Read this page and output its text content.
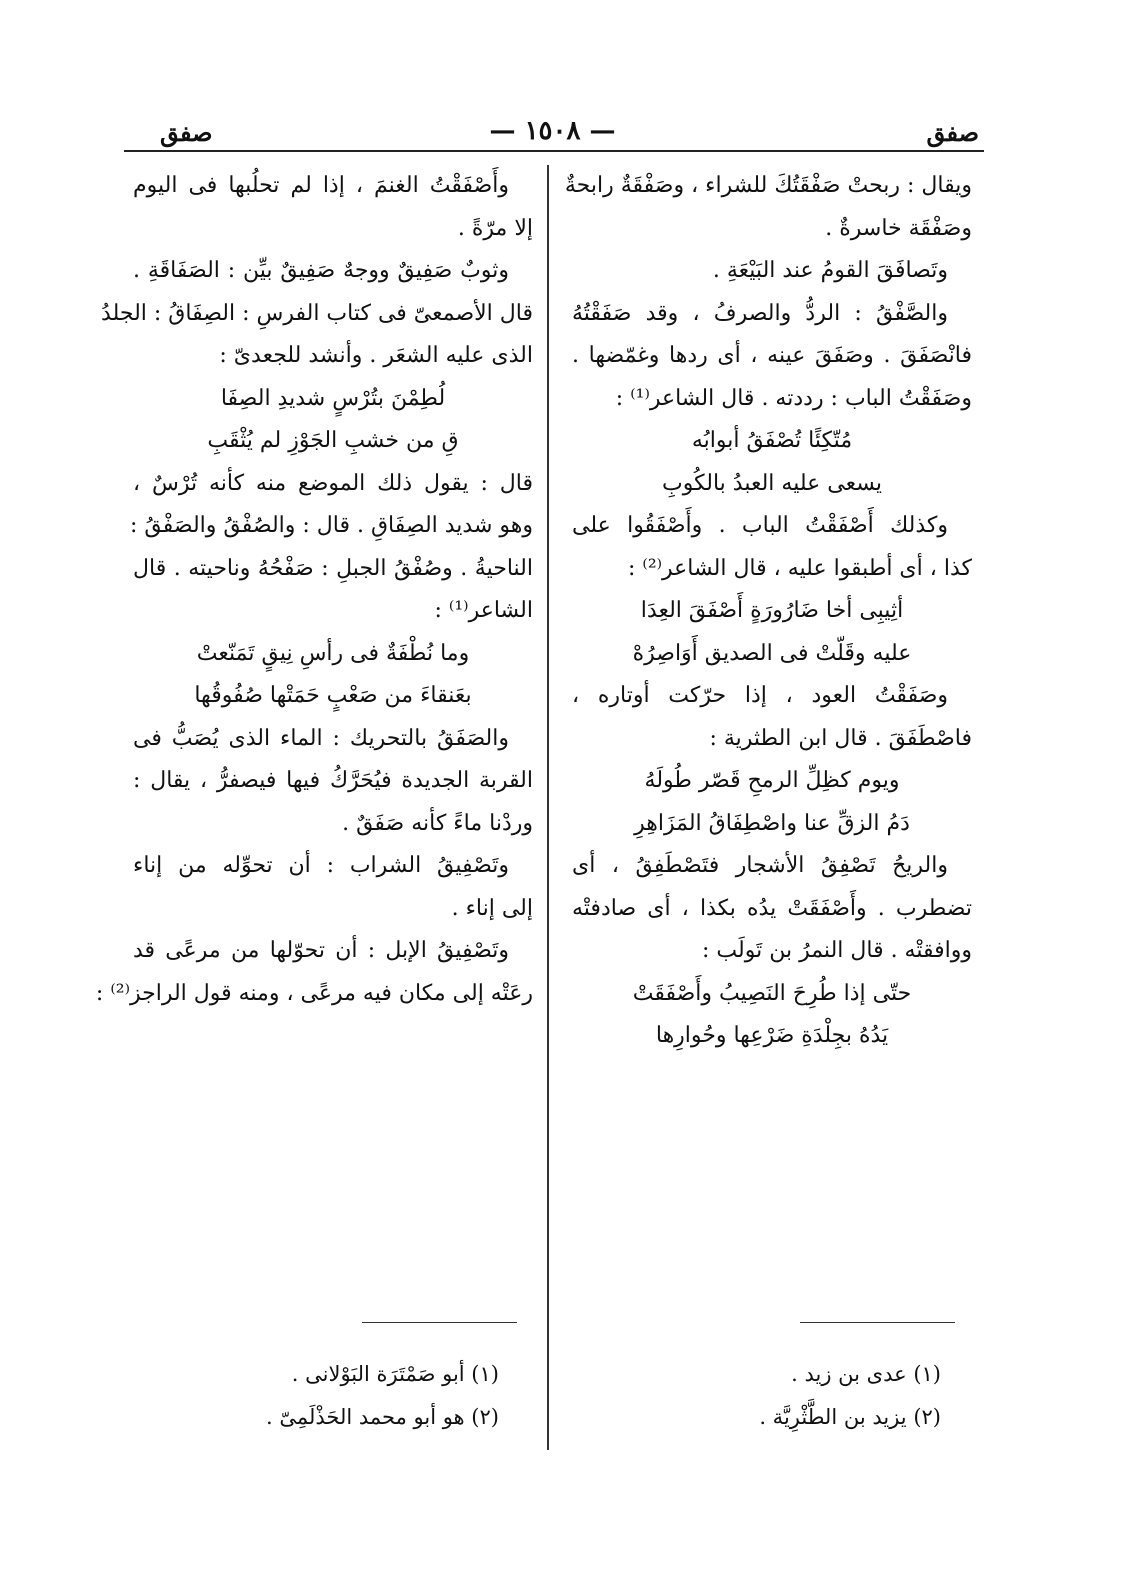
صفق
— ١٥٠٨ —
صفق
ويقال : ربحتْ صَفْقَتُكَ للشراء ، وصَفْقَةٌ رابحةٌ
وصَفْقَة خاسرةٌ .
وتَصافَقَ القومُ عند البَيْعَةِ .
والصَّفْقُ : الردُّ والصرفُ ، وقد صَفَقْتُهُ
فانْصَفَقَ . وصَفَقَ عينه ، أى ردها وغمّضها .
وصَفَقْتُ الباب : رددته . قال الشاعر⁽¹⁾ :
مُتّكِئًا تُصْفَقُ أبوابُه
يسعى عليه العبدُ بالكُوبِ
وكذلك أَصْفَقْتُ الباب . وأَصْفَقُوا على
كذا ، أى أطبقوا عليه ، قال الشاعر⁽²⁾ :
أثِيبِى أخا ضَارُورَةٍ أَصْفَقَ العِدَا
عليه وقَلّتْ فى الصديق أَوَاصِرُهْ
وصَفَقْتُ العود ، إذا حرّكت أوتاره ،
فاصْطَفَقَ . قال ابن الطثرية :
ويوم كظِلِّ الرمحِ قَصّر طُولَهُ
دَمُ الزقِّ عنا واصْطِفَاقُ المَزَاهِرِ
والريحُ تَصْفِقُ الأشجار فتَصْطَفِقُ ، أى
تضطرب . وأَصْفَقَتْ يدُه بكذا ، أى صادفتْه
ووافقتْه . قال النمرُ بن تَولَب :
حتّى إذا طُرِحَ النَصِيبُ وأَصْفَقَتْ
يَدُهُ بجِلْدَةِ ضَرْعِها وحُوارِها
وأَصْفَقْتُ الغنمَ ، إذا لم تحلُبها فى اليوم
إلا مرّةً .
وثوبٌ صَفِيقٌ ووجهٌ صَفِيقٌ بيِّن : الصَفَاقَةِ .
قال الأصمعىّ فى كتاب الفرسِ : الصِفَاقُ : الجلدُ
الذى عليه الشعَر . وأنشد للجعدىّ :
لُطِمْنَ بتُرْسٍ شديدِ الصِفَا
قِ من خشبِ الجَوْزِ لم يُثْقَبِ
قال : يقول ذلك الموضع منه كأنه تُرْسٌ ،
وهو شديد الصِفَاقِ . قال : والصُفْقُ والصَفْقُ :
الناحيةُ . وصُفْقُ الجبلِ : صَفْحُهُ وناحيته . قال
الشاعر⁽¹⁾ :
وما نُطْفَةٌ فى رأسِ نِيقٍ تَمَنّعتْ
بعَنقاءَ من صَعْبٍ حَمَتْها صُفُوقُها
والصَفَقُ بالتحريك : الماء الذى يُصَبُّ فى
القربة الجديدة فيُحَرَّكُ فيها فيصفرُّ ، يقال :
وردْنا ماءً كأنه صَفَقٌ .
وتَصْفِيقُ الشراب : أن تحوِّله من إناء
إلى إناء .
وتَصْفِيقُ الإبل : أن تحوّلها من مرعًى قد
رعَتْه إلى مكان فيه مرعًى ، ومنه قول الراجز⁽²⁾ :
(١) عدى بن زيد .
(٢) يزيد بن الطَّثْرِيَّة .
(١) أبو صَمْتَرَة البَوْلانى .
(٢) هو أبو محمد الحَذْلَمِىّ .
